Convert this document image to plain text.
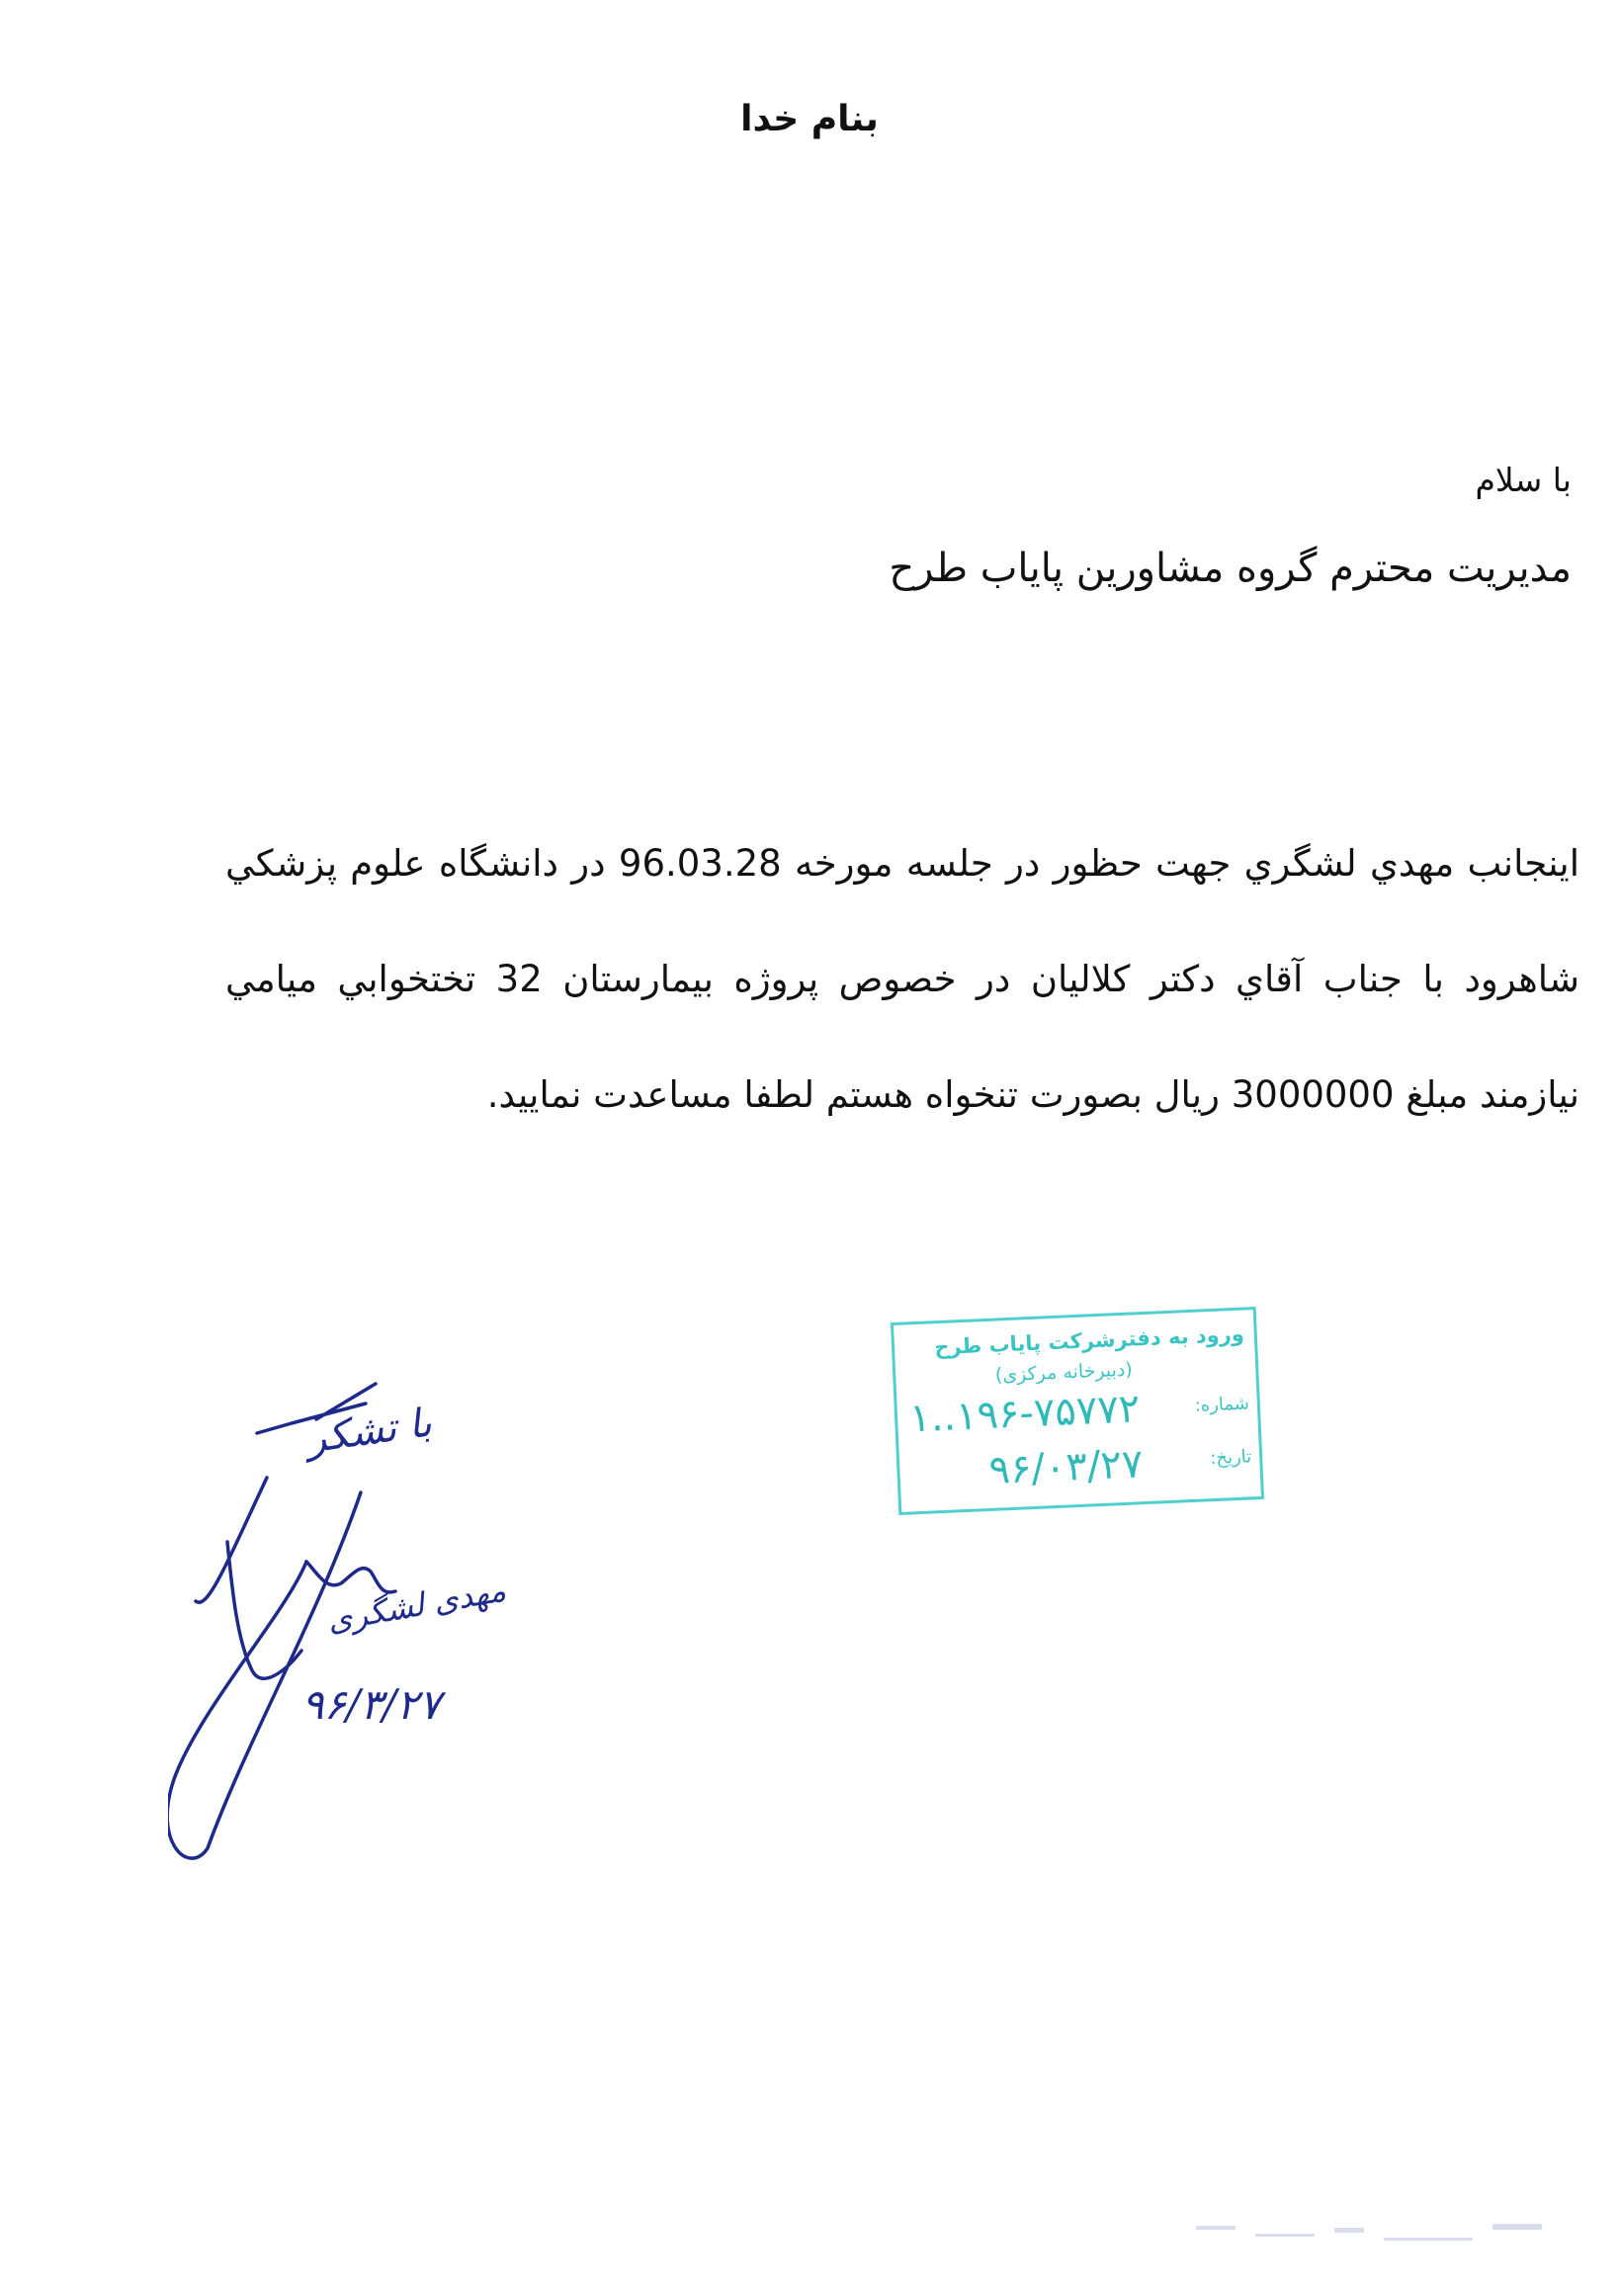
بنام خدا
با سلام
مديريت محترم گروه مشاورين پاياب طرح
اينجانب مهدي لشگري جهت حظور در جلسه مورخه 96.03.28 در دانشگاه علوم پزشكي شاهرود با جناب آقاي دكتر كلاليان در خصوص پروژه بيمارستان 32 تختخوابي ميامي نيازمند مبلغ 3000000 ريال بصورت تنخواه هستم لطفا مساعدت نماييد.
ورود به دفترشرکت پایاب طرح
(دبیرخانه مرکزی)
شماره:
۱..۱۹۶-۷۵۷۷۲
تاریخ:
۹۶/۰۳/۲۷
با تشکر
مهدی لشگری
۹۶/۳/۲۷
